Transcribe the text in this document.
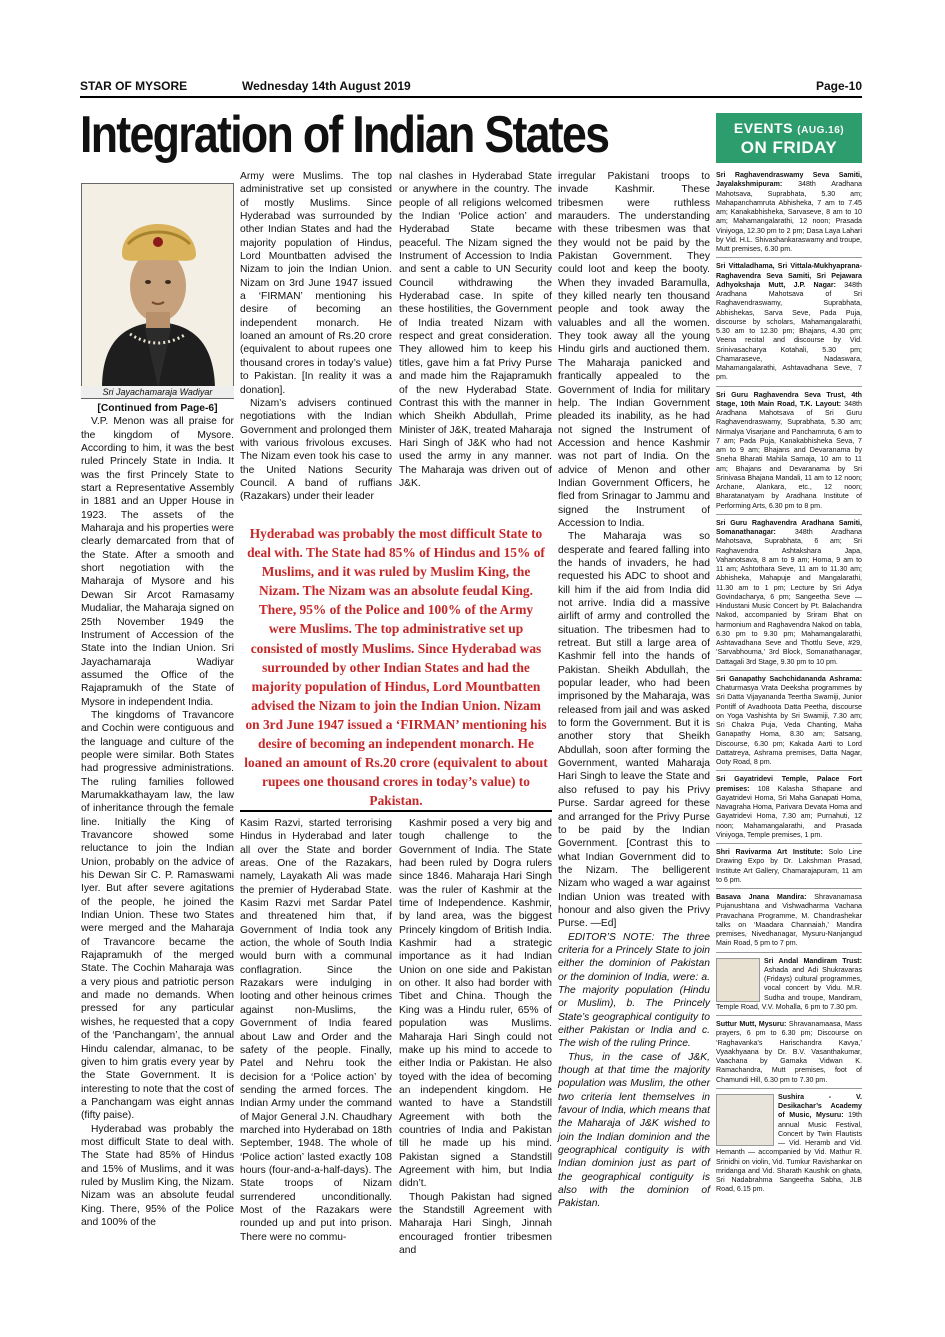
STAR OF MYSORE	Wednesday 14th August 2019	Page-10
Integration of Indian States	EVENTS (AUG.16)
ON FRIDAY
Sri Jayachamaraja Wadiyar

[Continued from Page-6]

V.P. Menon was all praise for the kingdom of Mysore. According to him, it was the best ruled Princely State in India. It was the first Princely State to start a Representative Assembly in 1881 and an Upper House in 1923. The assets of the Maharaja and his properties were clearly demarcated from that of the State. After a smooth and short negotiation with the Maharaja of Mysore and his Dewan Sir Arcot Ramasamy Mudaliar, the Maharaja signed on 25th November 1949 the Instrument of Accession of the State into the Indian Union. Sri Jayachamaraja Wadiyar assumed the Office of the Rajapramukh of the State of Mysore in independent India.

The kingdoms of Travancore and Cochin were contiguous and the language and culture of the people were similar. Both States had progressive administrations. The ruling families followed Marumakkathayam law, the law of inheritance through the female line. Initially the King of Travancore showed some reluctance to join the Indian Union, probably on the advice of his Dewan Sir C. P. Ramaswami Iyer. But after severe agitations of the people, he joined the Indian Union. These two States were merged and the Maharaja of Travancore became the Rajapramukh of the merged State. The Cochin Maharaja was a very pious and patriotic person and made no demands. When pressed for any particular wishes, he requested that a copy of the ‘Panchangam’, the annual Hindu calendar, almanac, to be given to him gratis every year by the State Government. It is interesting to note that the cost of a Panchangam was eight annas (fifty paise).

Hyderabad was probably the most difficult State to deal with. The State had 85% of Hindus and 15% of Muslims, and it was ruled by Muslim King, the Nizam. Nizam was an absolute feudal King. There, 95% of the Police and 100% of the

Army were Muslims. The top administrative set up consisted of mostly Muslims. Since Hyderabad was surrounded by other Indian States and had the majority population of Hindus, Lord Mountbatten advised the Nizam to join the Indian Union. Nizam on 3rd June 1947 issued a ‘FIRMAN’ mentioning his desire of becoming an independent monarch. He loaned an amount of Rs.20 crore (equivalent to about rupees one thousand crores in today’s value) to Pakistan. [In reality it was a donation].

Nizam’s advisers continued negotiations with the Indian Government and prolonged them with various frivolous excuses. The Nizam even took his case to the United Nations Security Council. A band of ruffians (Razakars) under their leader

nal clashes in Hyderabad State or anywhere in the country. The people of all religions welcomed the Indian ‘Police action’ and Hyderabad State became peaceful. The Nizam signed the Instrument of Accession to India and sent a cable to UN Security Council withdrawing the Hyderabad case. In spite of these hostilities, the Government of India treated Nizam with respect and great consideration. They allowed him to keep his titles, gave him a fat Privy Purse and made him the Rajapramukh of the new Hyderabad State. Contrast this with the manner in which Sheikh Abdullah, Prime Minister of J&K, treated Maharaja Hari Singh of J&K who had not used the army in any manner. The Maharaja was driven out of J&K.

Hyderabad was probably the most difficult State to deal with. The State had 85% of Hindus and 15% of Muslims, and it was ruled by Muslim King, the Nizam. The Nizam was an absolute feudal King. There, 95% of the Police and 100% of the Army were Muslims. The top administrative set up consisted of mostly Muslims. Since Hyderabad was surrounded by other Indian States and had the majority population of Hindus, Lord Mountbatten advised the Nizam to join the Indian Union. Nizam on 3rd June 1947 issued a ‘FIRMAN’ mentioning his desire of becoming an independent monarch. He loaned an amount of Rs.20 crore (equivalent to about rupees one thousand crores in today’s value) to Pakistan.

Kasim Razvi, started terrorising Hindus in Hyderabad and later all over the State and border areas. One of the Razakars, namely, Layakath Ali was made the premier of Hyderabad State. Kasim Razvi met Sardar Patel and threatened him that, if Government of India took any action, the whole of South India would burn with a communal conflagration. Since the Razakars were indulging in looting and other heinous crimes against non-Muslims, the Government of India feared about Law and Order and the safety of the people. Finally, Patel and Nehru took the decision for a ‘Police action’ by sending the armed forces. The Indian Army under the command of Major General J.N. Chaudhary marched into Hyderabad on 18th September, 1948. The whole of ‘Police action’ lasted exactly 108 hours (four-and-a-half-days). The State troops of Nizam surrendered unconditionally. Most of the Razakars were rounded up and put into prison. There were no commu-

Kashmir posed a very big and tough challenge to the Government of India. The State had been ruled by Dogra rulers since 1846. Maharaja Hari Singh was the ruler of Kashmir at the time of Independence. Kashmir, by land area, was the biggest Princely kingdom of British India. Kashmir had a strategic importance as it had Indian Union on one side and Pakistan on other. It also had border with Tibet and China. Though the King was a Hindu ruler, 65% of population was Muslims. Maharaja Hari Singh could not make up his mind to accede to either India or Pakistan. He also toyed with the idea of becoming an independent kingdom. He wanted to have a Standstill Agreement with both the countries of India and Pakistan till he made up his mind. Pakistan signed a Standstill Agreement with him, but India didn’t.

Though Pakistan had signed the Standstill Agreement with Maharaja Hari Singh, Jinnah encouraged frontier tribesmen and

irregular Pakistani troops to invade Kashmir. These tribesmen were ruthless marauders. The understanding with these tribesmen was that they would not be paid by the Pakistan Government. They could loot and keep the booty. When they invaded Baramulla, they killed nearly ten thousand people and took away the valuables and all the women. They took away all the young Hindu girls and auctioned them. The Maharaja panicked and frantically appealed to the Government of India for military help. The Indian Government pleaded its inability, as he had not signed the Instrument of Accession and hence Kashmir was not part of India. On the advice of Menon and other Indian Government Officers, he fled from Srinagar to Jammu and signed the Instrument of Accession to India.

The Maharaja was so desperate and feared falling into the hands of invaders, he had requested his ADC to shoot and kill him if the aid from India did not arrive. India did a massive airlift of army and controlled the situation. The tribesmen had to retreat. But still a large area of Kashmir fell into the hands of Pakistan. Sheikh Abdullah, the popular leader, who had been imprisoned by the Maharaja, was released from jail and was asked to form the Government. But it is another story that Sheikh Abdullah, soon after forming the Government, wanted Maharaja Hari Singh to leave the State and also refused to pay his Privy Purse. Sardar agreed for these and arranged for the Privy Purse to be paid by the Indian Government. [Contrast this to what Indian Government did to the Nizam. The belligerent Nizam who waged a war against Indian Union was treated with honour and also given the Privy Purse. —Ed]

EDITOR’S NOTE: The three criteria for a Princely State to join either the dominion of Pakistan or the dominion of India, were: a. The majority population (Hindu or Muslim), b. The Princely State’s geographical contiguity to either Pakistan or India and c. The wish of the ruling Prince.

Thus, in the case of J&K, though at that time the majority population was Muslim, the other two criteria lent themselves in favour of India, which means that the Maharaja of J&K wished to join the Indian dominion and the geographical contiguity is with Indian dominion just as part of the geographical contiguity is also with the dominion of Pakistan.

Sri Raghavendraswamy Seva Samiti, Jayalakshmipuram: 348th Aradhana Mahotsava, Suprabhata, 5.30 am; Mahapanchamruta Abhisheka, 7 am to 7.45 am; Kanakabhisheka, Sarvaseve, 8 am to 10 am; Mahamangalarathi, 12 noon; Prasada Viniyoga, 12.30 pm to 2 pm; Dasa Laya Lahari by Vid. H.L. Shivashankaraswamy and troupe, Mutt premises, 6.30 pm.
Sri Vittaladhama, Sri Vittala-Mukhyaprana-Raghavendra Seva Samiti, Sri Pejawara Adhyokshaja Mutt, J.P. Nagar: 348th Aradhana Mahotsava of Sri Raghavendraswamy, Suprabhata, Abhishekas, Sarva Seve, Pada Puja, discourse by scholars, Mahamangalarathi, 5.30 am to 12.30 pm; Bhajans, 4.30 pm; Veena recital and discourse by Vid. Srinivasacharya Kotahali, 5.30 pm; Chamaraseve, Nadaswara, Mahamangalarathi, Ashtavadhana Seve, 7 pm.
Sri Guru Raghavendra Seva Trust, 4th Stage, 10th Main Road, T.K. Layout: 348th Aradhana Mahotsava of Sri Guru Raghavendraswamy, Suprabhata, 5.30 am; Nirmalya Visarjane and Panchamruta, 6 am to 7 am; Pada Puja, Kanakabhisheka Seva, 7 am to 9 am; Bhajans and Devaranama by Sneha Bharati Mahila Samaja, 10 am to 11 am; Bhajans and Devaranama by Sri Srinivasa Bhajana Mandali, 11 am to 12 noon; Archane, Alankara, etc., 12 noon; Bharatanatyam by Aradhana Institute of Performing Arts, 6.30 pm to 8 pm.
Sri Guru Raghavendra Aradhana Samiti, Somanathanagar:	348th Aradhana Mahotsava, Suprabhata, 6 am; Sri Raghavendra Ashtakshara Japa, Vahanotsava, 8 am to 9 am; Homa, 9 am to 11 am; Ashtothara Seve, 11 am to 11.30 am; Abhisheka, Mahapuje and Mangalarathi, 11.30 am to 1 pm; Lecture by Sri Adya Govindacharya, 6 pm; Sangeetha Seve — Hindustani Music Concert by Pt. Balachandra Nakod, accompanied by Sriram Bhat on harmonium and Raghavendra Nakod on tabla, 6.30 pm to 9.30 pm; Mahamangalarathi, Ashtavadhana Seve and Thottlu Seve, #29, ‘Sarvabhouma,’ 3rd Block, Somanathanagar, Dattagali 3rd Stage, 9.30 pm to 10 pm.
Sri Ganapathy Sachchidananda Ashrama: Chaturmasya Vrata Deeksha programmes by Sri Datta Vijayananda Teertha Swamiji, Junior Pontiff of Avadhoota Datta Peetha, discourse on Yoga Vashishta by Sri Swamiji, 7.30 am; Sri Chakra Puja, Veda Chanting, Maha Ganapathy Homa, 8.30 am; Satsang, Discourse, 6.30 pm; Kakada Aarti to Lord Dattatreya, Ashrama premises, Datta Nagar, Ooty Road, 8 pm.
Sri Gayatridevi Temple, Palace Fort premises: 108 Kalasha Sthapane and Gayatridevi Homa, Sri Maha Ganapati Homa, Navagraha Homa, Parivara Devata Homa and Gayatridevi Homa, 7.30 am; Purnahuti, 12 noon; Mahamangalarathi, and Prasada Viniyoga, Temple premises, 1 pm.
Shri Ravivarma Art Institute: Solo Line Drawing Expo by Dr. Lakshman Prasad, Institute Art Gallery, Chamarajapuram, 11 am to 6 pm.
Basava Jnana Mandira: Shravanamasa Pujanushtana and Vishwadharma Vachana Pravachana Programme, M. Chandrashekar talks on ‘Maadara Channaiah,’ Mandira premises, Nivedhanagar, Mysuru-Nanjangud Main Road, 5 pm to 7 pm.
Sri Andal Mandiram Trust: Ashada and Adi Shukravaras (Fridays) cultural programmes, vocal concert by Vidu. M.R. Sudha and troupe, Mandiram, Temple Road, V.V. Mohalla, 6 pm to 7.30 pm.
Suttur Mutt, Mysuru: Shravanamaasa, Mass prayers, 6 pm to 6.30 pm; Discourse on ‘Raghavanka’s Harischandra Kavya,’ Vyaakhyaana by Dr. B.V. Vasanthakumar, Vaachana by Gamaka Vidwan K. Ramachandra, Mutt premises, foot of Chamundi Hill, 6.30 pm to 7.30 pm.
Sushira - V. Desikachar’s Academy of Music, Mysuru: 19th annual Music Festival, Concert by Twin Flautists — Vid. Heramb and Vid. Hemanth — accompanied by Vid. Mathur R. Srinidhi on violin, Vid. Tumkur Ravishankar on mridanga and Vid. Sharath Kaushik on ghata, Sri Nadabrahma Sangeetha Sabha, JLB Road, 6.15 pm.
